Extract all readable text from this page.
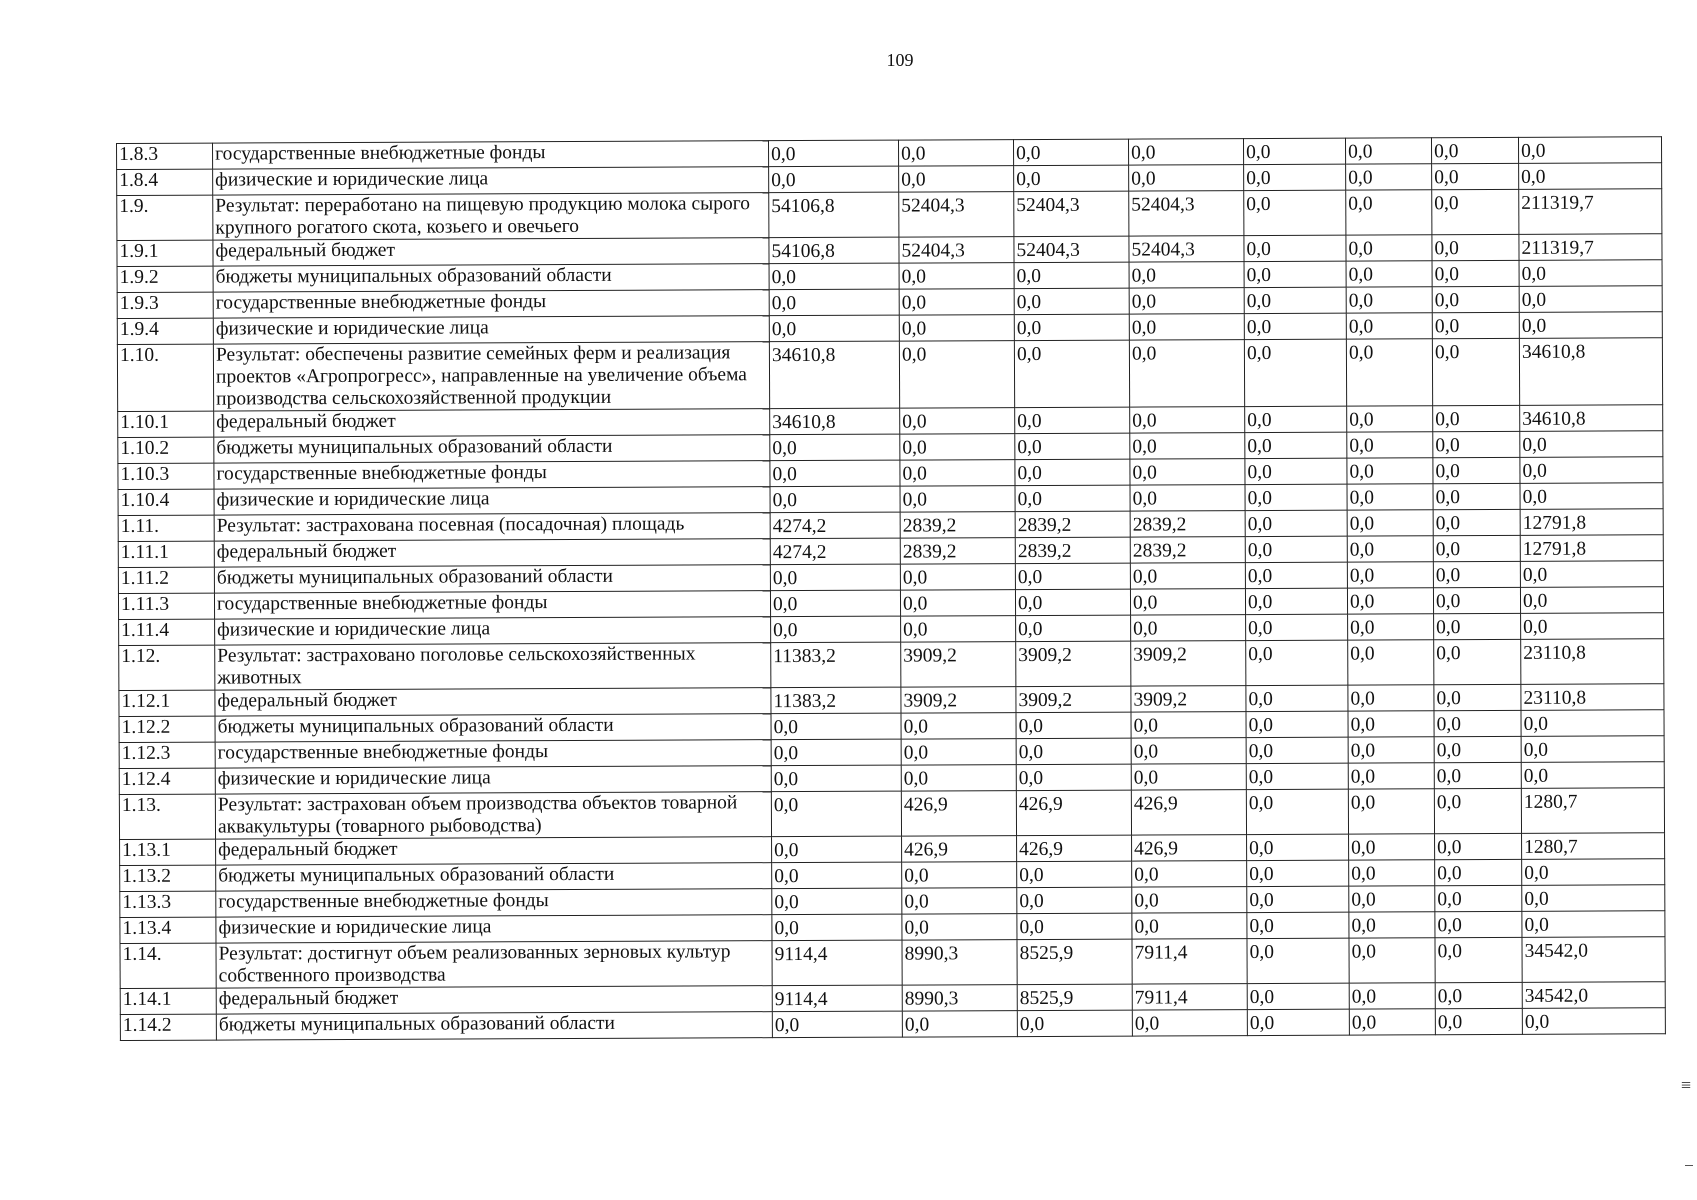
109
1.8.3	государственные внебюджетные фонды	0,0	0,0	0,0	0,0	0,0	0,0	0,0	0,0
1.8.4	физические и юридические лица	0,0	0,0	0,0	0,0	0,0	0,0	0,0	0,0
1.9.	Результат: переработано на пищевую продукцию молока сырого крупного рогатого скота, козьего и овечьего	54106,8	52404,3	52404,3	52404,3	0,0	0,0	0,0	211319,7
1.9.1	федеральный бюджет	54106,8	52404,3	52404,3	52404,3	0,0	0,0	0,0	211319,7
1.9.2	бюджеты муниципальных образований области	0,0	0,0	0,0	0,0	0,0	0,0	0,0	0,0
1.9.3	государственные внебюджетные фонды	0,0	0,0	0,0	0,0	0,0	0,0	0,0	0,0
1.9.4	физические и юридические лица	0,0	0,0	0,0	0,0	0,0	0,0	0,0	0,0
1.10.	Результат: обеспечены развитие семейных ферм и реализация проектов «Агропрогресс», направленные на увеличение объема производства сельскохозяйственной продукции	34610,8	0,0	0,0	0,0	0,0	0,0	0,0	34610,8
1.10.1	федеральный бюджет	34610,8	0,0	0,0	0,0	0,0	0,0	0,0	34610,8
1.10.2	бюджеты муниципальных образований области	0,0	0,0	0,0	0,0	0,0	0,0	0,0	0,0
1.10.3	государственные внебюджетные фонды	0,0	0,0	0,0	0,0	0,0	0,0	0,0	0,0
1.10.4	физические и юридические лица	0,0	0,0	0,0	0,0	0,0	0,0	0,0	0,0
1.11.	Результат: застрахована посевная (посадочная) площадь	4274,2	2839,2	2839,2	2839,2	0,0	0,0	0,0	12791,8
1.11.1	федеральный бюджет	4274,2	2839,2	2839,2	2839,2	0,0	0,0	0,0	12791,8
1.11.2	бюджеты муниципальных образований области	0,0	0,0	0,0	0,0	0,0	0,0	0,0	0,0
1.11.3	государственные внебюджетные фонды	0,0	0,0	0,0	0,0	0,0	0,0	0,0	0,0
1.11.4	физические и юридические лица	0,0	0,0	0,0	0,0	0,0	0,0	0,0	0,0
1.12.	Результат: застраховано поголовье сельскохозяйственных животных	11383,2	3909,2	3909,2	3909,2	0,0	0,0	0,0	23110,8
1.12.1	федеральный бюджет	11383,2	3909,2	3909,2	3909,2	0,0	0,0	0,0	23110,8
1.12.2	бюджеты муниципальных образований области	0,0	0,0	0,0	0,0	0,0	0,0	0,0	0,0
1.12.3	государственные внебюджетные фонды	0,0	0,0	0,0	0,0	0,0	0,0	0,0	0,0
1.12.4	физические и юридические лица	0,0	0,0	0,0	0,0	0,0	0,0	0,0	0,0
1.13.	Результат: застрахован объем производства объектов товарной аквакультуры (товарного рыбоводства)	0,0	426,9	426,9	426,9	0,0	0,0	0,0	1280,7
1.13.1	федеральный бюджет	0,0	426,9	426,9	426,9	0,0	0,0	0,0	1280,7
1.13.2	бюджеты муниципальных образований области	0,0	0,0	0,0	0,0	0,0	0,0	0,0	0,0
1.13.3	государственные внебюджетные фонды	0,0	0,0	0,0	0,0	0,0	0,0	0,0	0,0
1.13.4	физические и юридические лица	0,0	0,0	0,0	0,0	0,0	0,0	0,0	0,0
1.14.	Результат: достигнут объем реализованных зерновых культур собственного производства	9114,4	8990,3	8525,9	7911,4	0,0	0,0	0,0	34542,0
1.14.1	федеральный бюджет	9114,4	8990,3	8525,9	7911,4	0,0	0,0	0,0	34542,0
1.14.2	бюджеты муниципальных образований области	0,0	0,0	0,0	0,0	0,0	0,0	0,0	0,0
≡
